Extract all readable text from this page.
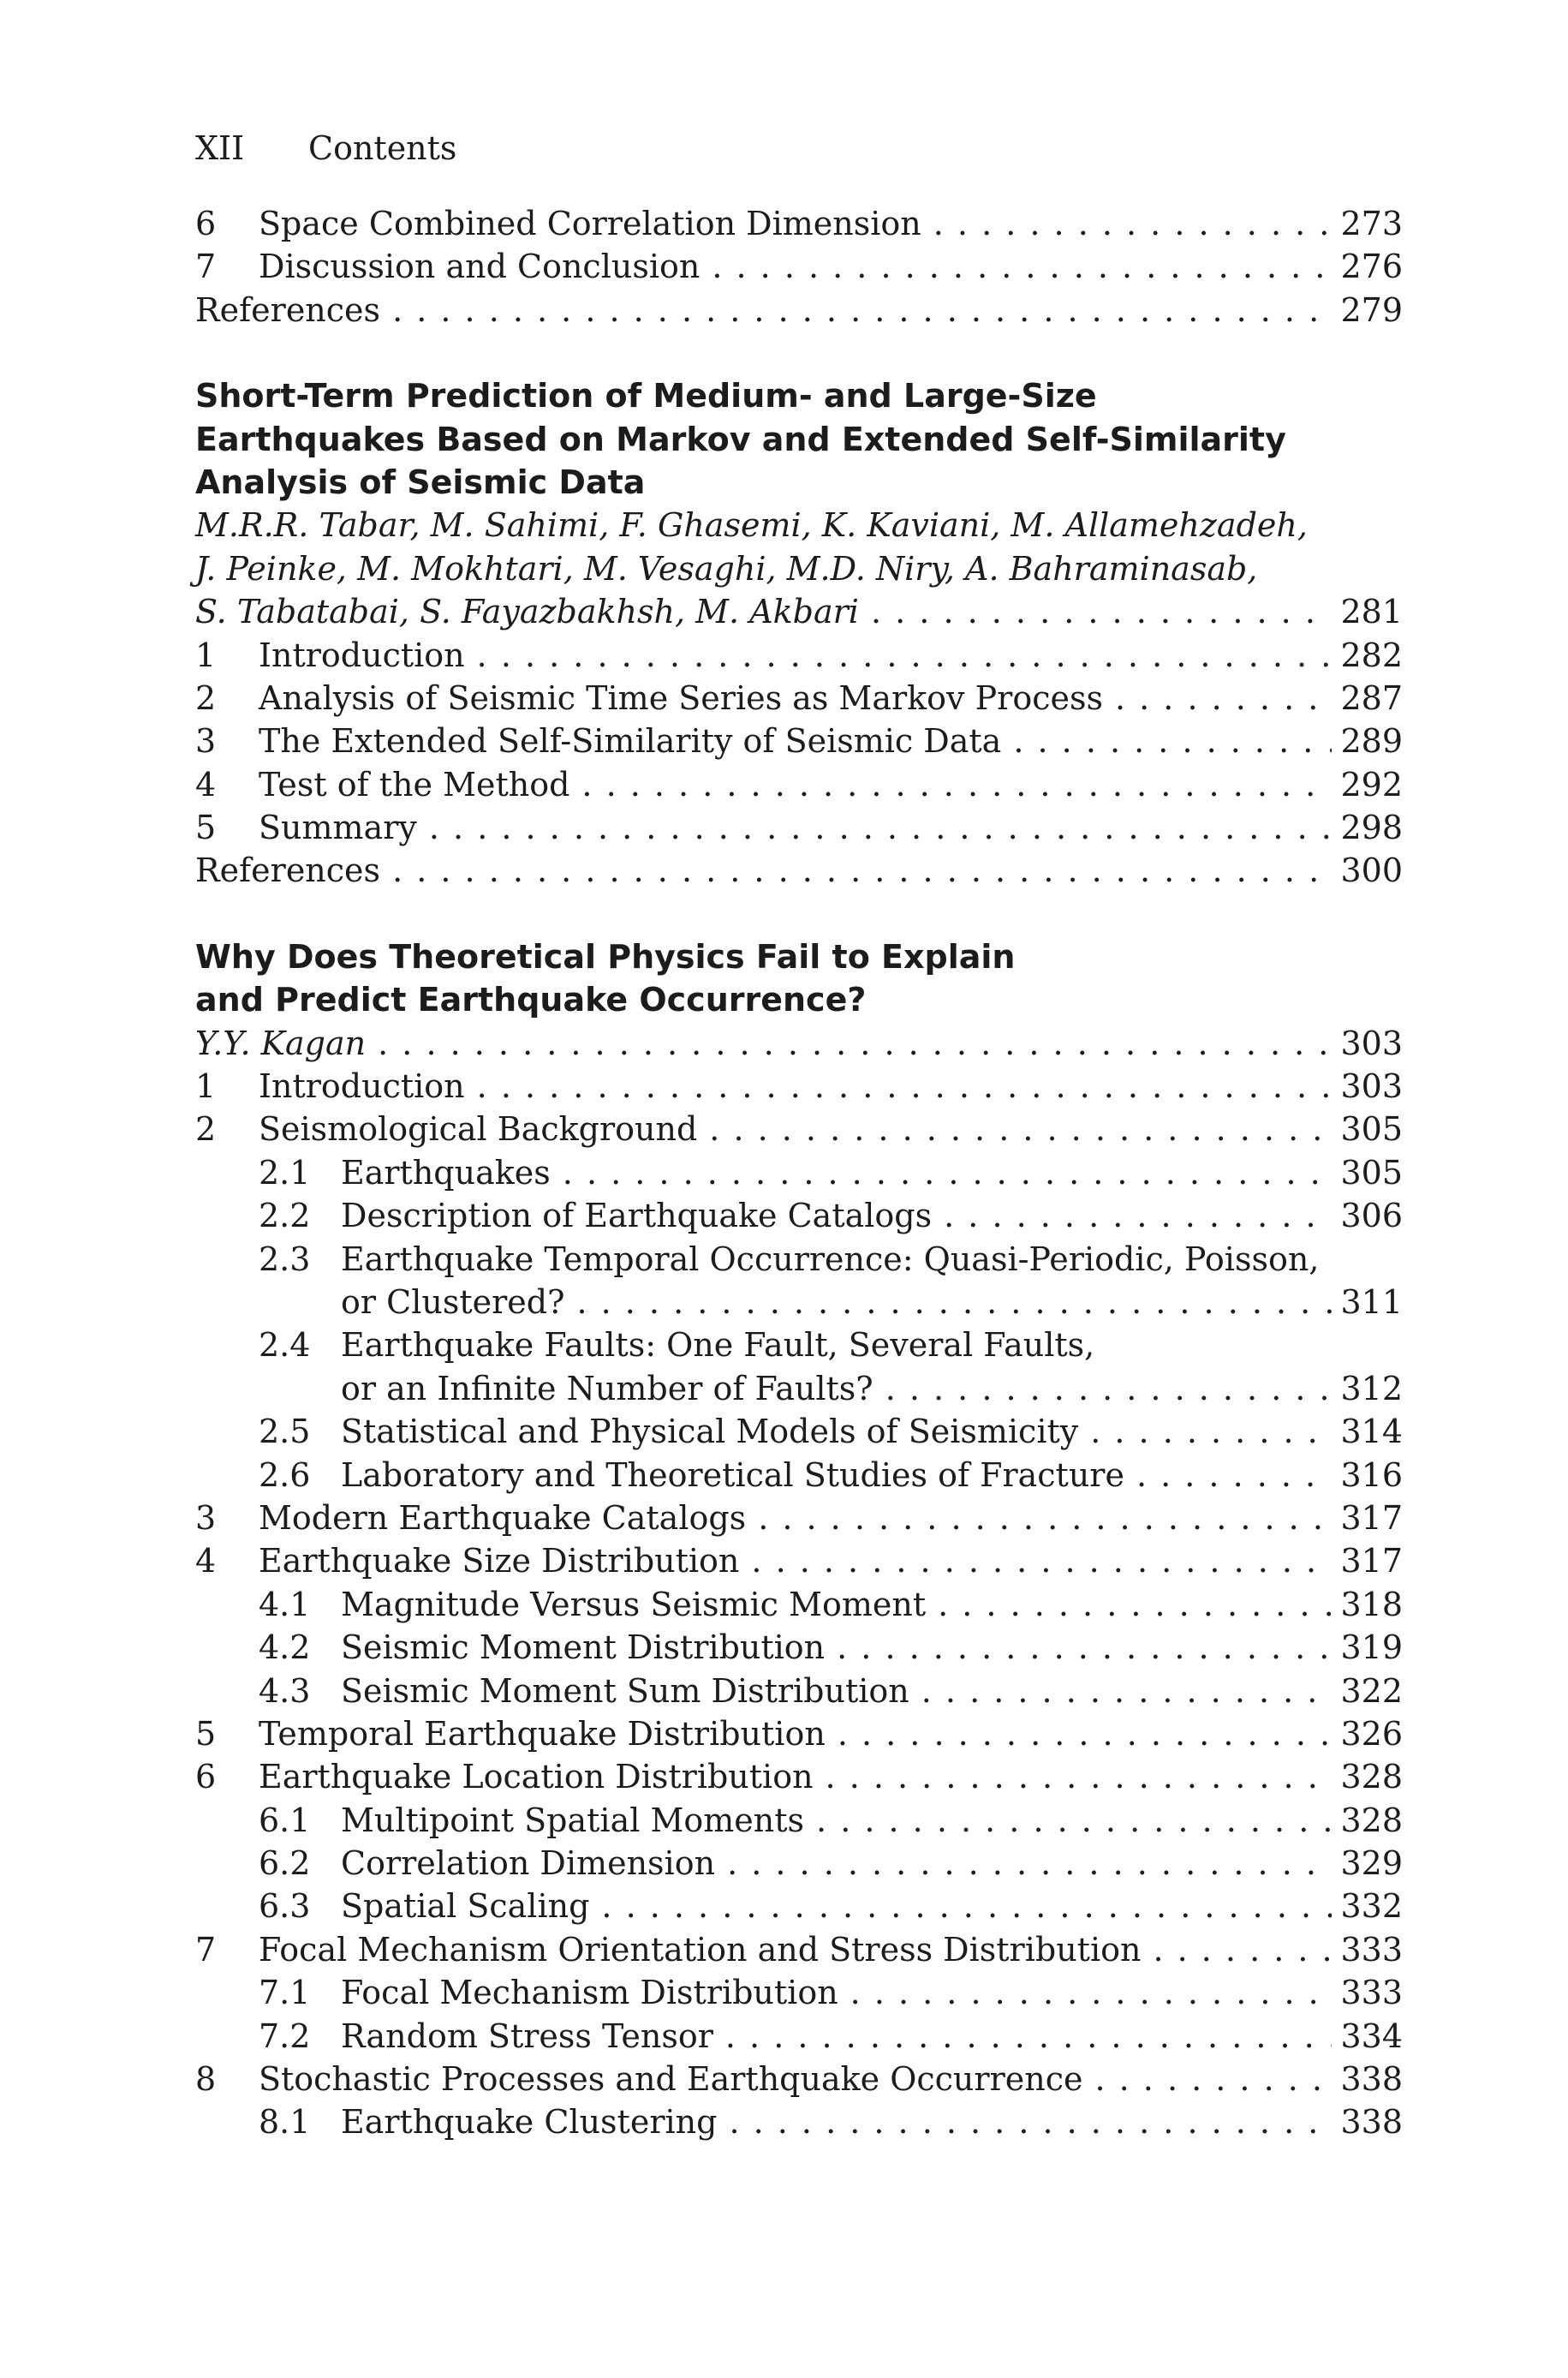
XII Contents
6	Space Combined Correlation Dimension . . .	273
7	Discussion and Conclusion . . .	276
References . . .	279
Short-Term Prediction of Medium- and Large-Size
Earthquakes Based on Markov and Extended Self-Similarity
Analysis of Seismic Data
M.R.R. Tabar, M. Sahimi, F. Ghasemi, K. Kaviani, M. Allamehzadeh,
J. Peinke, M. Mokhtari, M. Vesaghi, M.D. Niry, A. Bahraminasab,
S. Tabatabai, S. Fayazbakhsh, M. Akbari . . .	281
1	Introduction . . .	282
2	Analysis of Seismic Time Series as Markov Process . . .	287
3	The Extended Self-Similarity of Seismic Data . . .	289
4	Test of the Method . . .	292
5	Summary . . .	298
References . . .	300
Why Does Theoretical Physics Fail to Explain
and Predict Earthquake Occurrence?
Y.Y. Kagan . . .	303
1	Introduction . . .	303
2	Seismological Background . . .	305
2.1 Earthquakes . . .	305
2.2 Description of Earthquake Catalogs . . .	306
2.3 Earthquake Temporal Occurrence: Quasi-Periodic, Poisson,
or Clustered? . . .	311
2.4 Earthquake Faults: One Fault, Several Faults,
or an Infinite Number of Faults? . . .	312
2.5 Statistical and Physical Models of Seismicity . . .	314
2.6 Laboratory and Theoretical Studies of Fracture . . .	316
3	Modern Earthquake Catalogs . . .	317
4	Earthquake Size Distribution . . .	317
4.1 Magnitude Versus Seismic Moment . . .	318
4.2 Seismic Moment Distribution . . .	319
4.3 Seismic Moment Sum Distribution . . .	322
5	Temporal Earthquake Distribution . . .	326
6	Earthquake Location Distribution . . .	328
6.1 Multipoint Spatial Moments . . .	328
6.2 Correlation Dimension . . .	329
6.3 Spatial Scaling . . .	332
7	Focal Mechanism Orientation and Stress Distribution . . .	333
7.1 Focal Mechanism Distribution . . .	333
7.2 Random Stress Tensor . . .	334
8	Stochastic Processes and Earthquake Occurrence . . .	338
8.1 Earthquake Clustering . . .	338
